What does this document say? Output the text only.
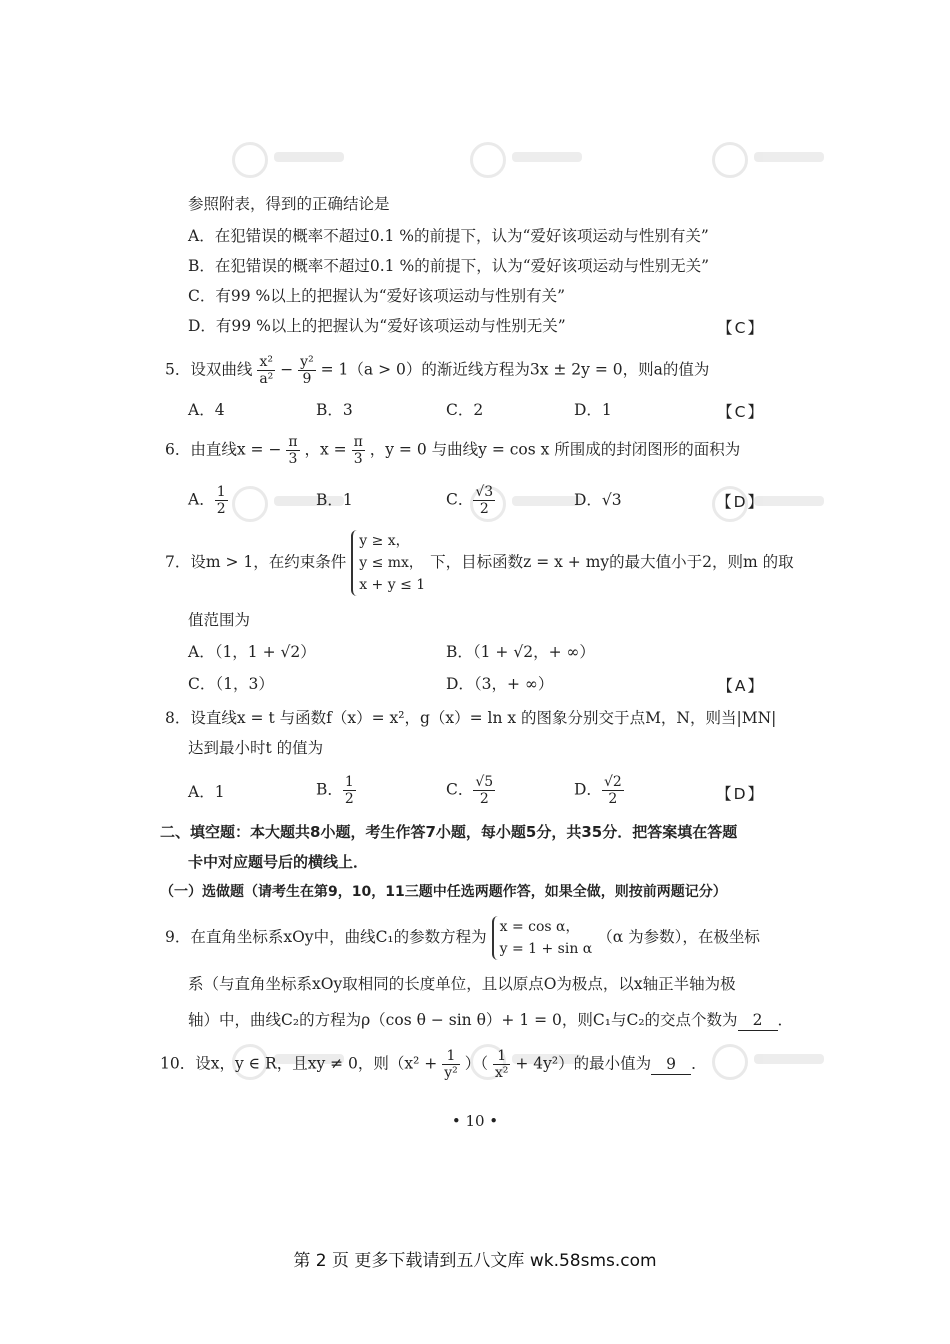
参照附表，得到的正确结论是
A．在犯错误的概率不超过0.1 %的前提下，认为“爱好该项运动与性别有关”
B．在犯错误的概率不超过0.1 %的前提下，认为“爱好该项运动与性别无关”
C．有99 %以上的把握认为“爱好该项运动与性别有关”
D．有99 %以上的把握认为“爱好该项运动与性别无关”	【C】
5．设双曲线 $\frac{\text{x²}}{\text{a²}} - \frac{\text{y²}}{9} = 1(a > 0)$的渐近线方程为3x ± 2y = 0，则a的值为
A．4	B．3	C．2	D．1	【C】
6．由直线x = − $\frac{\pi}{3}$ ，$x = \frac{\pi}{3}$ ，y = 0 与曲线y = cos x 所围成的封闭图形的面积为
A． $\frac{1}{2}$	B．1	C． $\frac{√3}{2}$	D．√3	【D】
7．设m > 1，在约束条件
y ≥ x，
y ≤ mx，
x + y ≤ 1
下，目标函数z = x + my的最大值小于2，则m 的取
值范围为
A．（1，1 + √2）	B．（1 + √2，+ ∞）
C．（1，3）	D．（3，+ ∞）	【A】
8．设直线x = t 与函数f（x）= x²，g（x）= ln x 的图象分别交于点M，N，则当|MN|
达到最小时t 的值为
A．1	B． $\frac{1}{2}$	C． $\frac{√5}{2}$	D． $\frac{√2}{2}$	【D】
二、填空题：本大题共8小题，考生作答7小题，每小题5分，共35分．把答案填在答题
卡中对应题号后的横线上．
（一）选做题（请考生在第9，10，11三题中任选两题作答，如果全做，则按前两题记分）
9．在直角坐标系xOy中，曲线C₁的参数方程为
x = cos α，
y = 1 + sin α
（α 为参数），在极坐标
系（与直角坐标系xOy取相同的长度单位，且以原点O为极点，以x轴正半轴为极
轴）中，曲线C₂的方程为ρ（cos θ − sin θ）+ 1 = 0，则C₁与C₂的交点个数为 2 ．
10．设x，y ∈ R，且xy ≠ 0，则（$x^2 + \frac{1}{\text{y²}}$ ）（ $\frac{1}{\text{x²}} + 4y^2$）的最小值为 9 ．
• 10 •
第 2 页 更多下载请到五八文库 wk.58sms.com
